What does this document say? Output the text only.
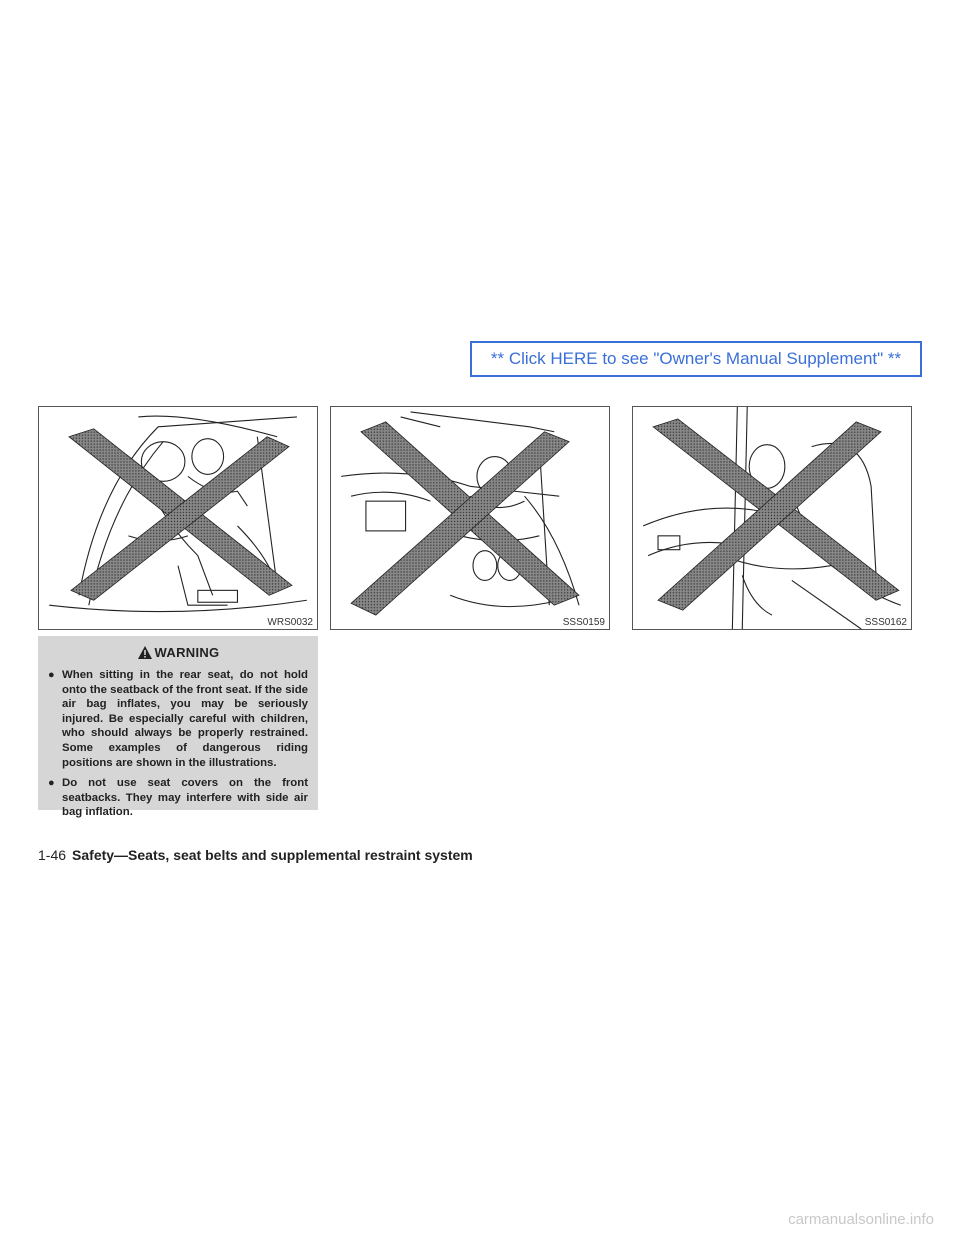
** Click HERE to see "Owner's Manual Supplement" **
WRS0032	SSS0159	SSS0162
WARNING
● When sitting in the rear seat, do not hold onto the seatback of the front seat. If the side air bag inflates, you may be seriously injured. Be especially careful with children, who should always be properly restrained. Some examples of dangerous riding positions are shown in the illustrations.
● Do not use seat covers on the front seatbacks. They may interfere with side air bag inflation.
1-46 Safety—Seats, seat belts and supplemental restraint system
carmanualsonline.info
